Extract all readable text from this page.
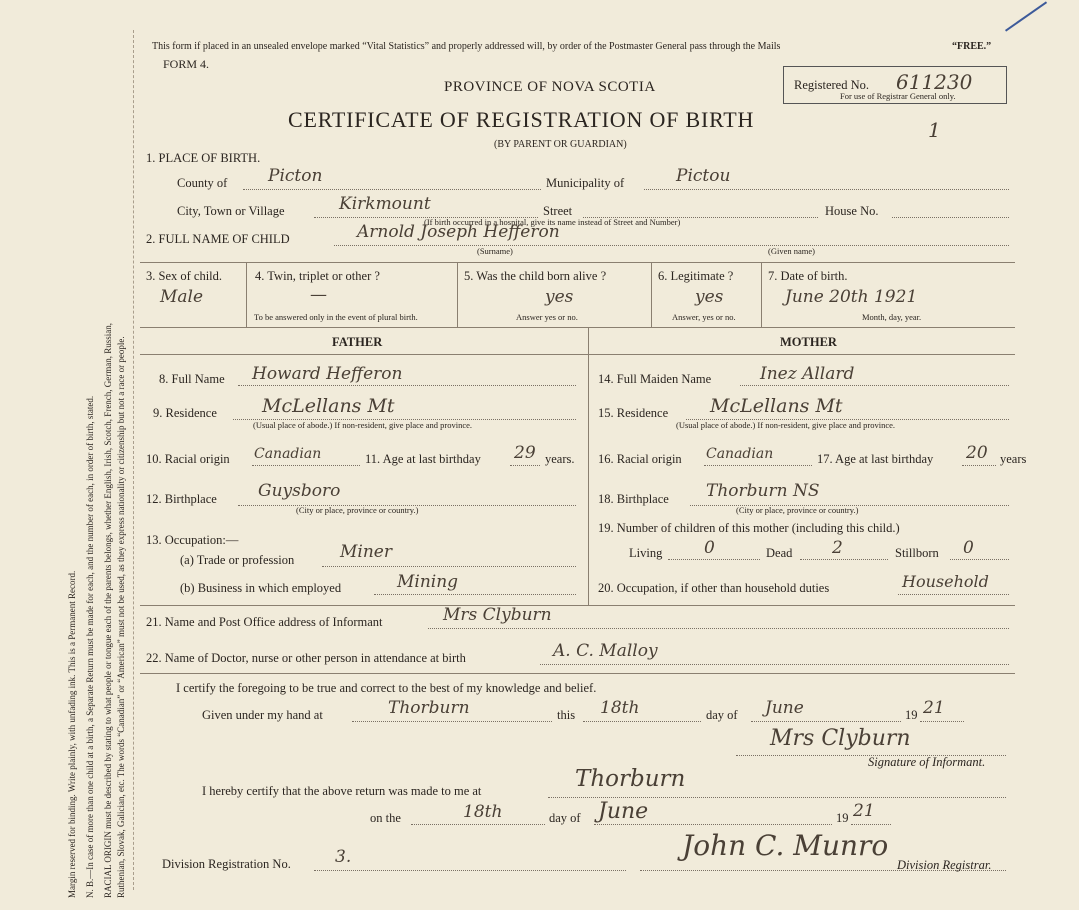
Margin reserved for binding. Write plainly, with unfading ink. This is a Permanent Record. N. B.—In case of more than one child at a birth, a Separate Return must be made for each, and the number of each, in order of birth, stated. RACIAL ORIGIN must be described by stating to what people or tongue each of the parents belongs, whether English, Irish, Scotch, French, German, Russian, Ruthenian, Slovak, Galician, etc. The words “Canadian” or “American” must not be used, as they express nationality or citizenship but not a race or people.
This form if placed in an unsealed envelope marked “Vital Statistics” and properly addressed will, by order of the Postmaster General pass through the Mails	“FREE.”
FORM 4.
PROVINCE OF NOVA SCOTIA
CERTIFICATE OF REGISTRATION OF BIRTH
(BY PARENT OR GUARDIAN)
Registered No. 611230
For use of Registrar General only.
1
1. PLACE OF BIRTH.
County of Picton	Municipality of	Pictou
City, Town or Village	Kirkmount	Street	House No.
(If birth occurred in a hospital, give its name instead of Street and Number)
2. FULL NAME OF CHILD	Arnold Joseph Hefferon
(Surname)	(Given name)
3. Sex of child.
Male
4. Twin, triplet or other ?
—
To be answered only in the event of plural birth.
5. Was the child born alive ?
yes
Answer yes or no.
6. Legitimate ?
yes
Answer, yes or no.
7. Date of birth.
June 20th 1921
Month, day, year.
FATHER	MOTHER
8. Full Name Howard Hefferon
9. Residence McLellans Mt
(Usual place of abode.) If non-resident, give place and province.
10. Racial origin Canadian	11. Age at last birthday 29 years.
12. Birthplace Guysboro
(City or place, province or country.)
13. Occupation:—
(a) Trade or profession	Miner
(b) Business in which employed	Mining
14. Full Maiden Name	Inez Allard
15. Residence McLellans Mt
(Usual place of abode.) If non-resident, give place and province.
16. Racial origin Canadian	17. Age at last birthday 20 years
18. Birthplace Thorburn NS
(City or place, province or country.)
19. Number of children of this mother (including this child.)
Living 0	Dead 2	Stillborn 0
20. Occupation, if other than household duties	Household
21. Name and Post Office address of Informant	Mrs Clyburn
22. Name of Doctor, nurse or other person in attendance at birth	A. C. Malloy
I certify the foregoing to be true and correct to the best of my knowledge and belief.
Given under my hand at	Thorburn	this 18th	day of June	19 21
Mrs Clyburn
Signature of Informant.
I hereby certify that the above return was made to me at	Thorburn
on the	18th	day of June	19 21
Division Registration No.	3.	John C. Munro
Division Registrar.
